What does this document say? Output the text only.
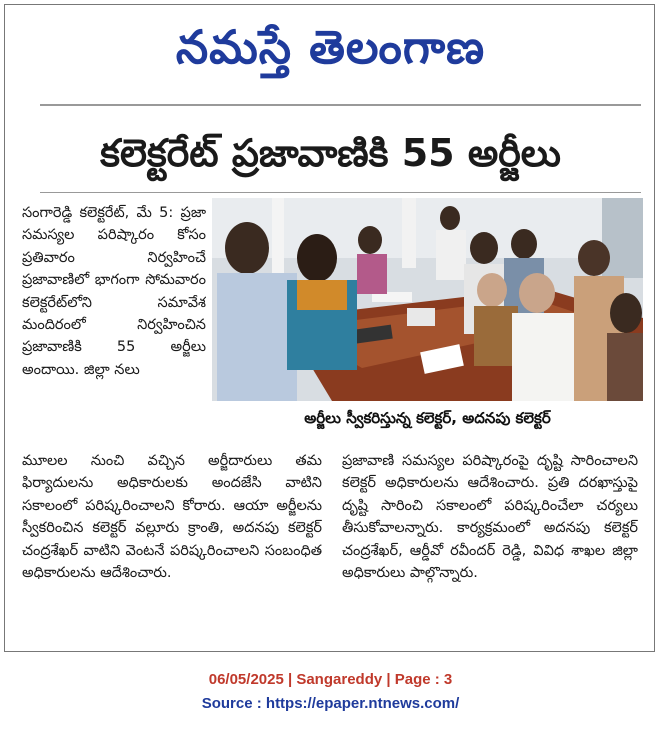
నమస్తే తెలంగాణ
కలెక్టరేట్ ప్రజావాణికి 55 అర్జీలు
సంగారెడ్డి కలెక్టరేట్, మే 5: ప్రజా సమస్యల పరిష్కారం కోసం ప్రతివారం నిర్వహించే ప్రజావాణిలో భాగంగా సోమవారం కలెక్టరేట్‌లోని సమావేశ మందిరంలో నిర్వహించిన ప్రజావాణికి 55 అర్జీలు అందాయి. జిల్లా నలు
అర్జీలు స్వీకరిస్తున్న కలెక్టర్, అదనపు కలెక్టర్
మూలల నుంచి వచ్చిన అర్జీదారులు తమ ఫిర్యాదులను అధికారులకు అందజేసి వాటిని సకాలంలో పరిష్కరించాలని కోరారు. ఆయా అర్జీలను స్వీకరించిన కలెక్టర్ వల్లూరు క్రాంతి, అదనపు కలెక్టర్ చంద్రశేఖర్ వాటిని వెంటనే పరిష్కరించాలని సంబంధిత అధికారులను ఆదేశించారు.
ప్రజావాణి సమస్యల పరిష్కారంపై దృష్టి సారించాలని కలెక్టర్ అధికారులను ఆదేశించారు. ప్రతి దరఖాస్తుపై దృష్టి సారించి సకాలంలో పరిష్కరించేలా చర్యలు తీసుకోవాలన్నారు. కార్యక్రమంలో అదనపు కలెక్టర్ చంద్రశేఖర్, ఆర్డీవో రవీందర్ రెడ్డి, వివిధ శాఖల జిల్లా అధికారులు పాల్గొన్నారు.
06/05/2025 | Sangareddy | Page : 3
Source : https://epaper.ntnews.com/
